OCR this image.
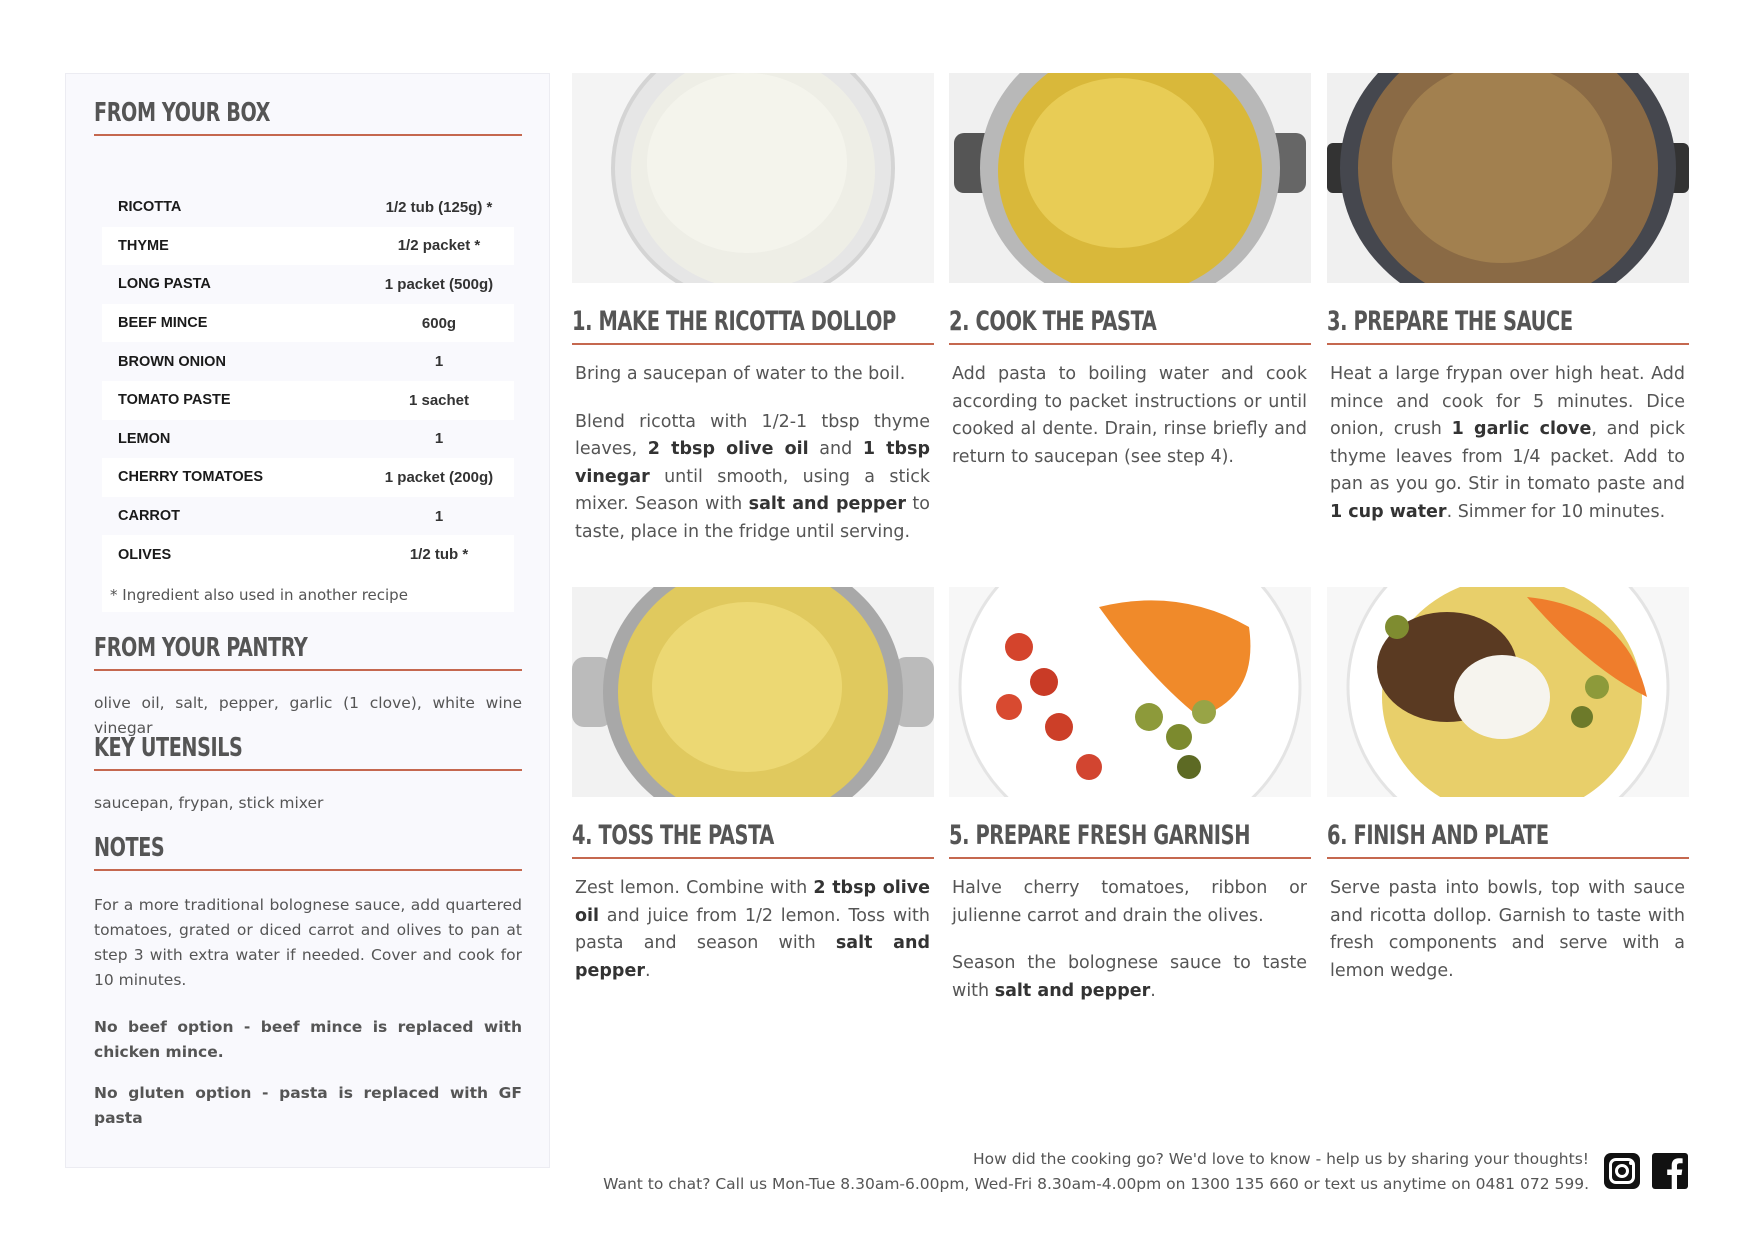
FROM YOUR BOX
RICOTTA	1/2 tub (125g) *
THYME	1/2 packet *
LONG PASTA	1 packet (500g)
BEEF MINCE	600g
BROWN ONION	1
TOMATO PASTE	1 sachet
LEMON	1
CHERRY TOMATOES	1 packet (200g)
CARROT	1
OLIVES	1/2 tub *
* Ingredient also used in another recipe
FROM YOUR PANTRY
olive oil, salt, pepper, garlic (1 clove), white wine vinegar
KEY UTENSILS
saucepan, frypan, stick mixer
NOTES
For a more traditional bolognese sauce, add quartered tomatoes, grated or diced carrot and olives to pan at step 3 with extra water if needed. Cover and cook for 10 minutes.
No beef option - beef mince is replaced with chicken mince.
No gluten option - pasta is replaced with GF pasta
1. MAKE THE RICOTTA DOLLOP

Bring a saucepan of water to the boil.

Blend ricotta with 1/2-1 tbsp thyme leaves, 2 tbsp olive oil and 1 tbsp vinegar until smooth, using a stick mixer. Season with salt and pepper to taste, place in the fridge until serving.

2. COOK THE PASTA

Add pasta to boiling water and cook according to packet instructions or until cooked al dente. Drain, rinse briefly and return to saucepan (see step 4).

3. PREPARE THE SAUCE

Heat a large frypan over high heat. Add mince and cook for 5 minutes. Dice onion, crush 1 garlic clove, and pick thyme leaves from 1/4 packet. Add to pan as you go. Stir in tomato paste and 1 cup water. Simmer for 10 minutes.

4. TOSS THE PASTA

Zest lemon. Combine with 2 tbsp olive oil and juice from 1/2 lemon. Toss with pasta and season with salt and pepper.

5. PREPARE FRESH GARNISH

Halve cherry tomatoes, ribbon or julienne carrot and drain the olives.

Season the bolognese sauce to taste with salt and pepper.

6. FINISH AND PLATE

Serve pasta into bowls, top with sauce and ricotta dollop. Garnish to taste with fresh components and serve with a lemon wedge.

How did the cooking go? We'd love to know - help us by sharing your thoughts!
Want to chat? Call us Mon-Tue 8.30am-6.00pm, Wed-Fri 8.30am-4.00pm on 1300 135 660 or text us anytime on 0481 072 599.
